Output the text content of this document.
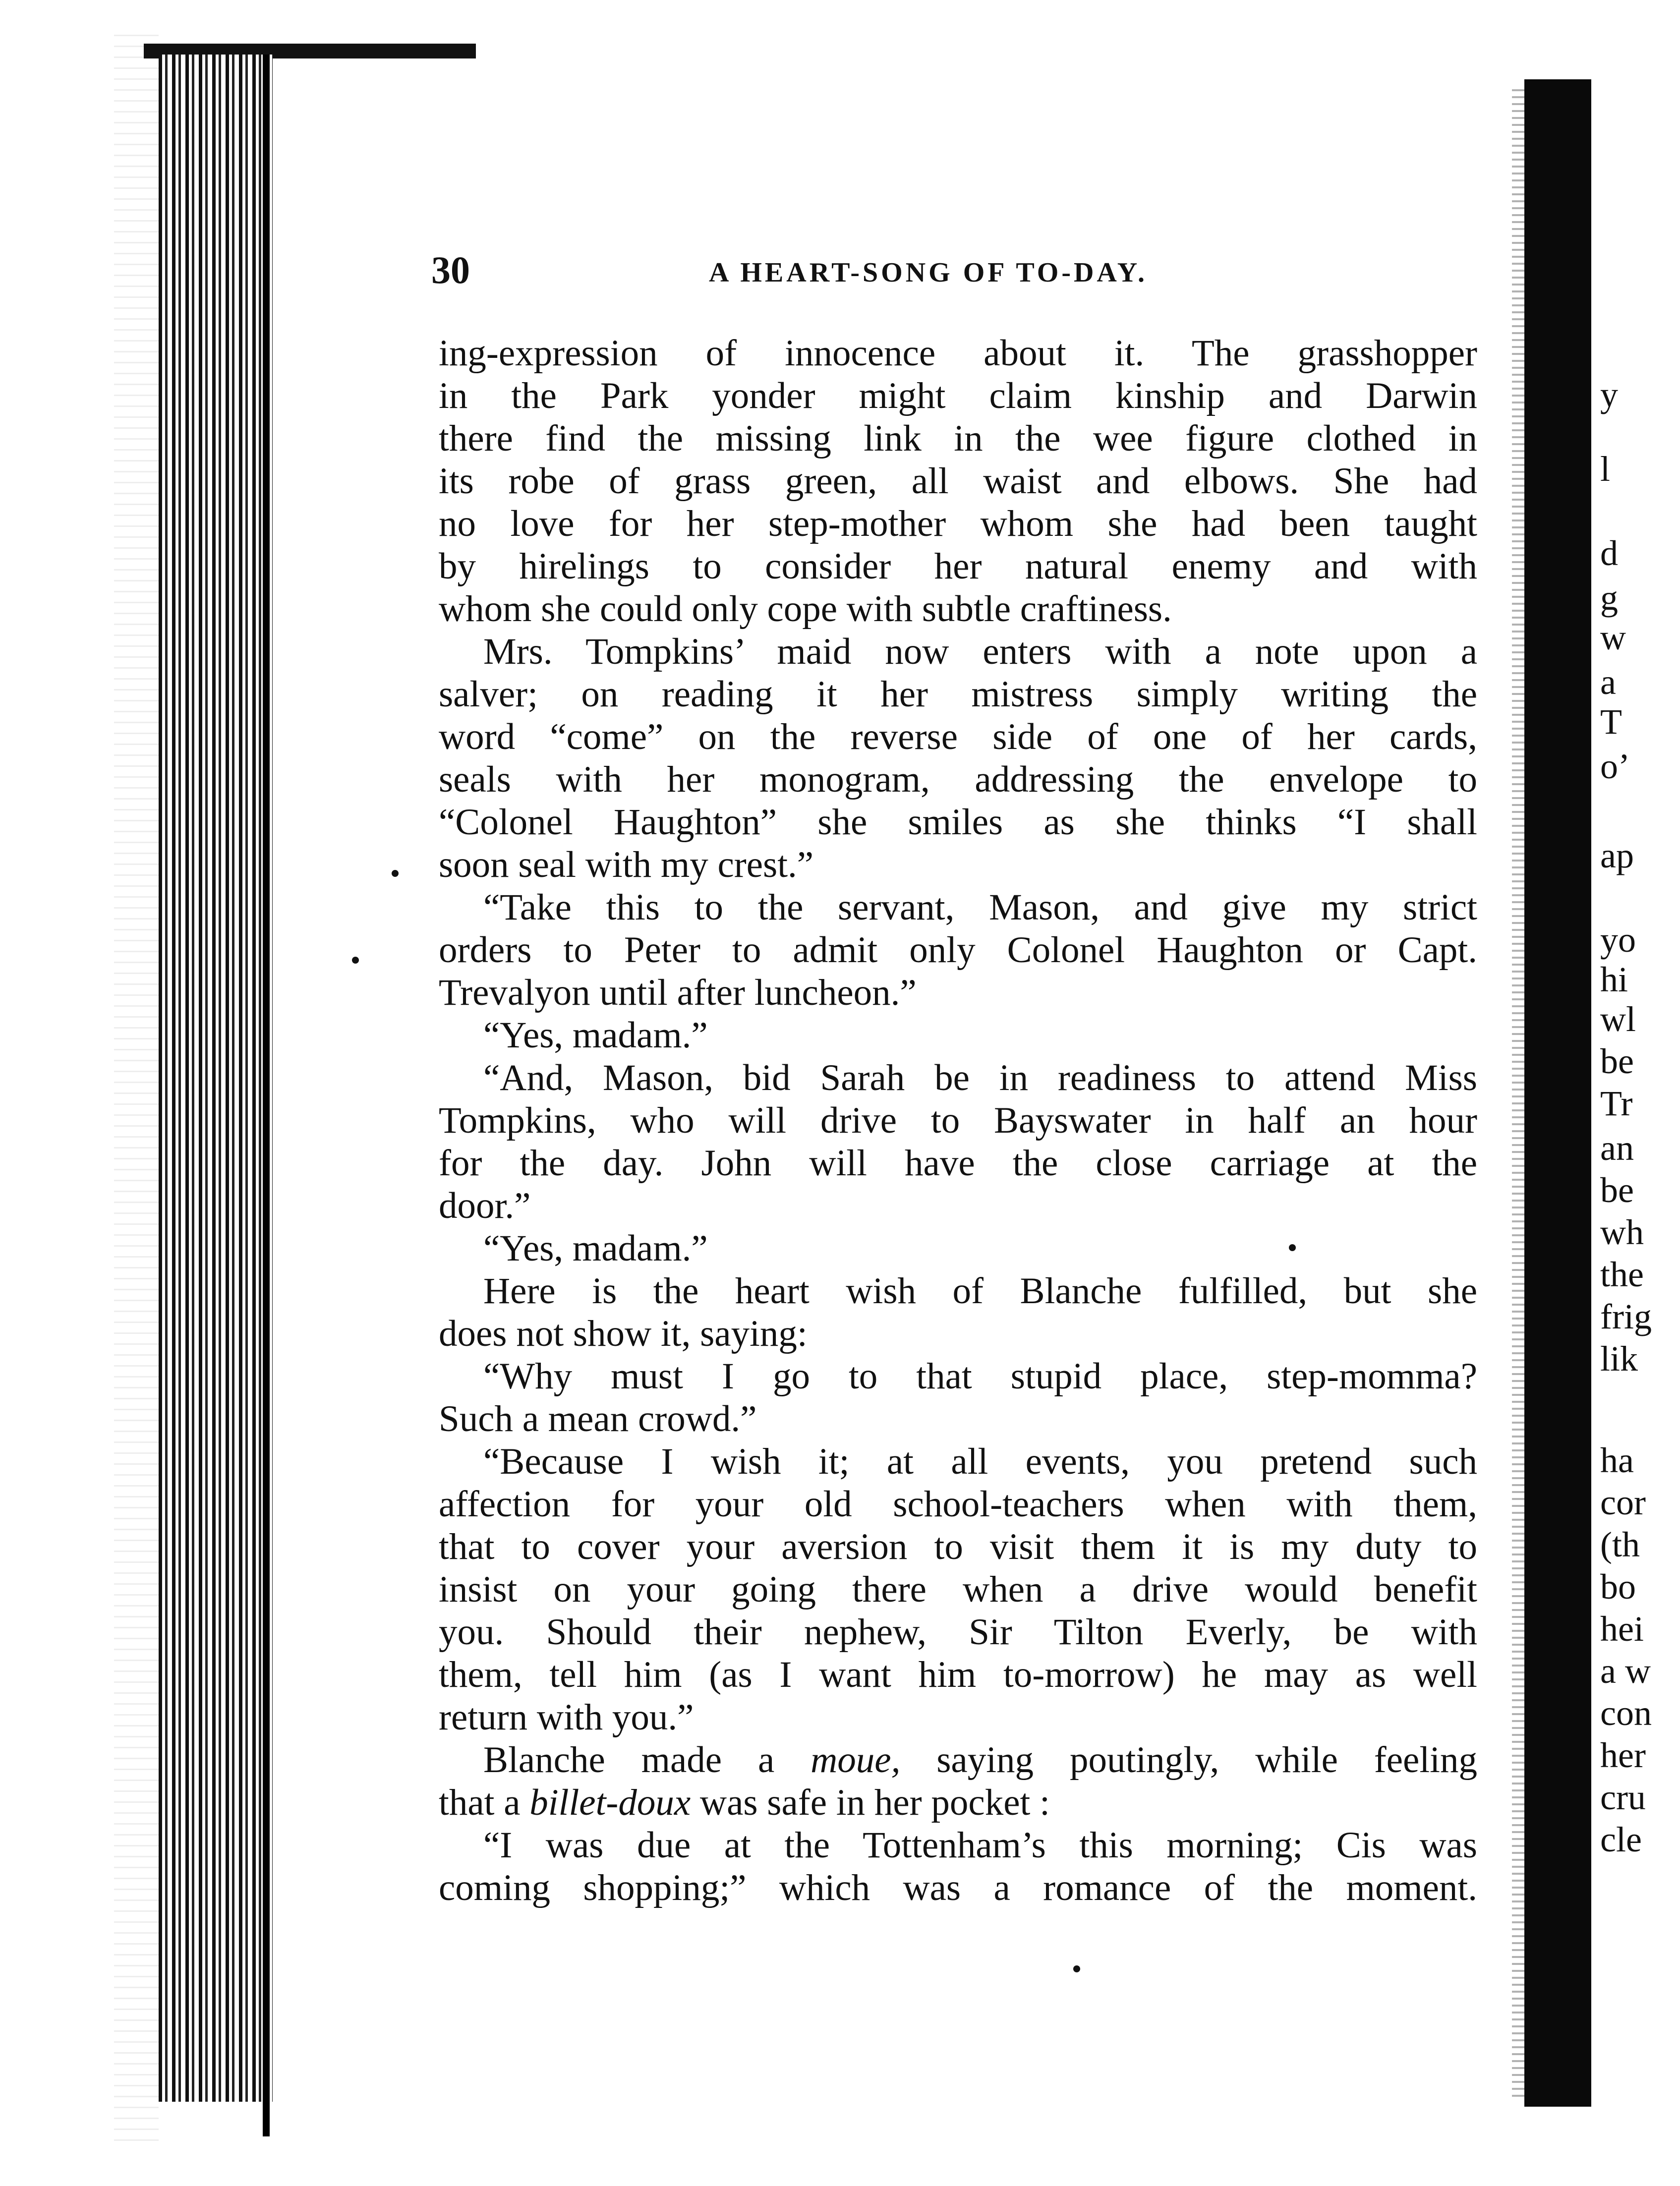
30	A HEART-SONG OF TO-DAY.
ing-expression of innocence about it. The grasshopper
in the Park yonder might claim kinship and Darwin
there find the missing link in the wee figure clothed in
its robe of grass green, all waist and elbows. She had
no love for her step-mother whom she had been taught
by hirelings to consider her natural enemy and with
whom she could only cope with subtle craftiness.
Mrs. Tompkins’ maid now enters with a note upon a
salver; on reading it her mistress simply writing the
word “come” on the reverse side of one of her cards,
seals with her monogram, addressing the envelope to
“Colonel Haughton” she smiles as she thinks “I shall
soon seal with my crest.”
“Take this to the servant, Mason, and give my strict
orders to Peter to admit only Colonel Haughton or Capt.
Trevalyon until after luncheon.”
“Yes, madam.”
“And, Mason, bid Sarah be in readiness to attend Miss
Tompkins, who will drive to Bayswater in half an hour
for the day. John will have the close carriage at the
door.”
“Yes, madam.”
Here is the heart wish of Blanche fulfilled, but she
does not show it, saying:
“Why must I go to that stupid place, step-momma?
Such a mean crowd.”
“Because I wish it; at all events, you pretend such
affection for your old school-teachers when with them,
that to cover your aversion to visit them it is my duty to
insist on your going there when a drive would benefit
you. Should their nephew, Sir Tilton Everly, be with
them, tell him (as I want him to-morrow) he may as well
return with you.”
Blanche made a moue, saying poutingly, while feeling
that a billet-doux was safe in her pocket :
“I was due at the Tottenham’s this morning; Cis was
coming shopping;” which was a romance of the moment.
y
l
d
g
w
a
T
o’
ap
yo
hi
wl
be
Tr
an
be
wh
the
frig
lik
ha
cor
(th
bo
hei
a w
con
her
cru
cle
